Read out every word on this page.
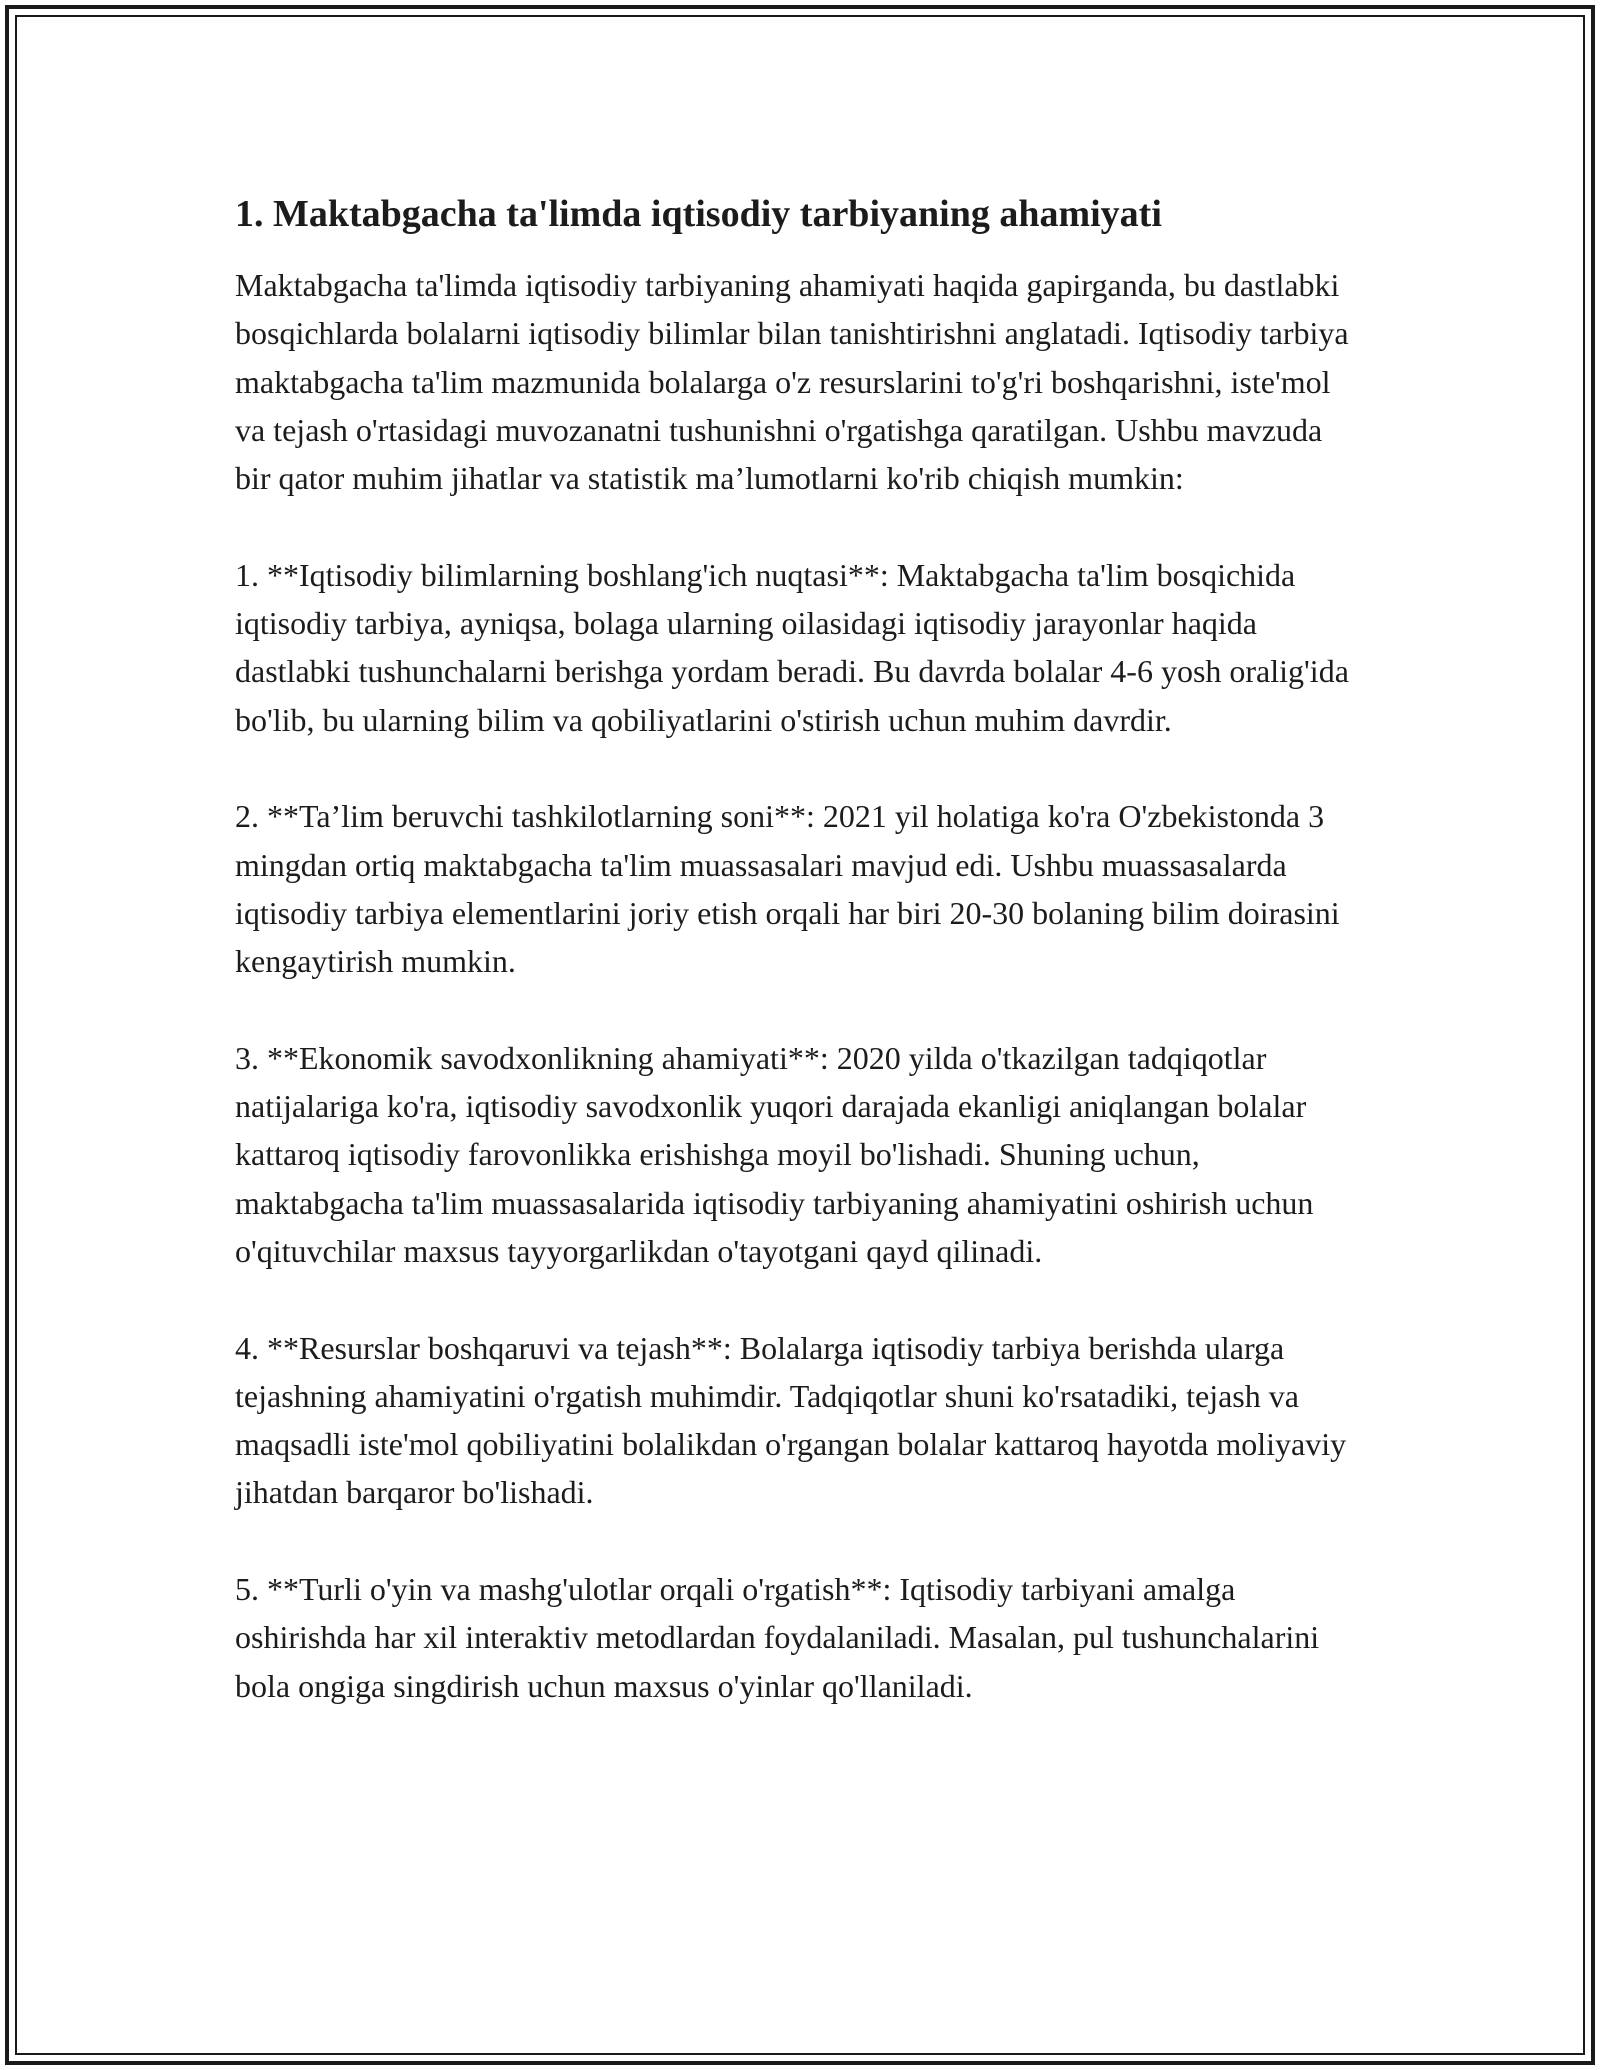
1. Maktabgacha ta'limda iqtisodiy tarbiyaning ahamiyati

Maktabgacha ta'limda iqtisodiy tarbiyaning ahamiyati haqida gapirganda, bu dastlabki bosqichlarda bolalarni iqtisodiy bilimlar bilan tanishtirishni anglatadi. Iqtisodiy tarbiya maktabgacha ta'lim mazmunida bolalarga o'z resurslarini to'g'ri boshqarishni, iste'mol va tejash o'rtasidagi muvozanatni tushunishni o'rgatishga qaratilgan. Ushbu mavzuda bir qator muhim jihatlar va statistik ma’lumotlarni ko'rib chiqish mumkin:

1. **Iqtisodiy bilimlarning boshlang'ich nuqtasi**: Maktabgacha ta'lim bosqichida iqtisodiy tarbiya, ayniqsa, bolaga ularning oilasidagi iqtisodiy jarayonlar haqida dastlabki tushunchalarni berishga yordam beradi. Bu davrda bolalar 4-6 yosh oralig'ida bo'lib, bu ularning bilim va qobiliyatlarini o'stirish uchun muhim davrdir.

2. **Ta’lim beruvchi tashkilotlarning soni**: 2021 yil holatiga ko'ra O'zbekistonda 3 mingdan ortiq maktabgacha ta'lim muassasalari mavjud edi. Ushbu muassasalarda iqtisodiy tarbiya elementlarini joriy etish orqali har biri 20-30 bolaning bilim doirasini kengaytirish mumkin.

3. **Ekonomik savodxonlikning ahamiyati**: 2020 yilda o'tkazilgan tadqiqotlar natijalariga ko'ra, iqtisodiy savodxonlik yuqori darajada ekanligi aniqlangan bolalar kattaroq iqtisodiy farovonlikka erishishga moyil bo'lishadi. Shuning uchun, maktabgacha ta'lim muassasalarida iqtisodiy tarbiyaning ahamiyatini oshirish uchun o'qituvchilar maxsus tayyorgarlikdan o'tayotgani qayd qilinadi.

4. **Resurslar boshqaruvi va tejash**: Bolalarga iqtisodiy tarbiya berishda ularga tejashning ahamiyatini o'rgatish muhimdir. Tadqiqotlar shuni ko'rsatadiki, tejash va maqsadli iste'mol qobiliyatini bolalikdan o'rgangan bolalar kattaroq hayotda moliyaviy jihatdan barqaror bo'lishadi.

5. **Turli o'yin va mashg'ulotlar orqali o'rgatish**: Iqtisodiy tarbiyani amalga oshirishda har xil interaktiv metodlardan foydalaniladi. Masalan, pul tushunchalarini bola ongiga singdirish uchun maxsus o'yinlar qo'llaniladi.
